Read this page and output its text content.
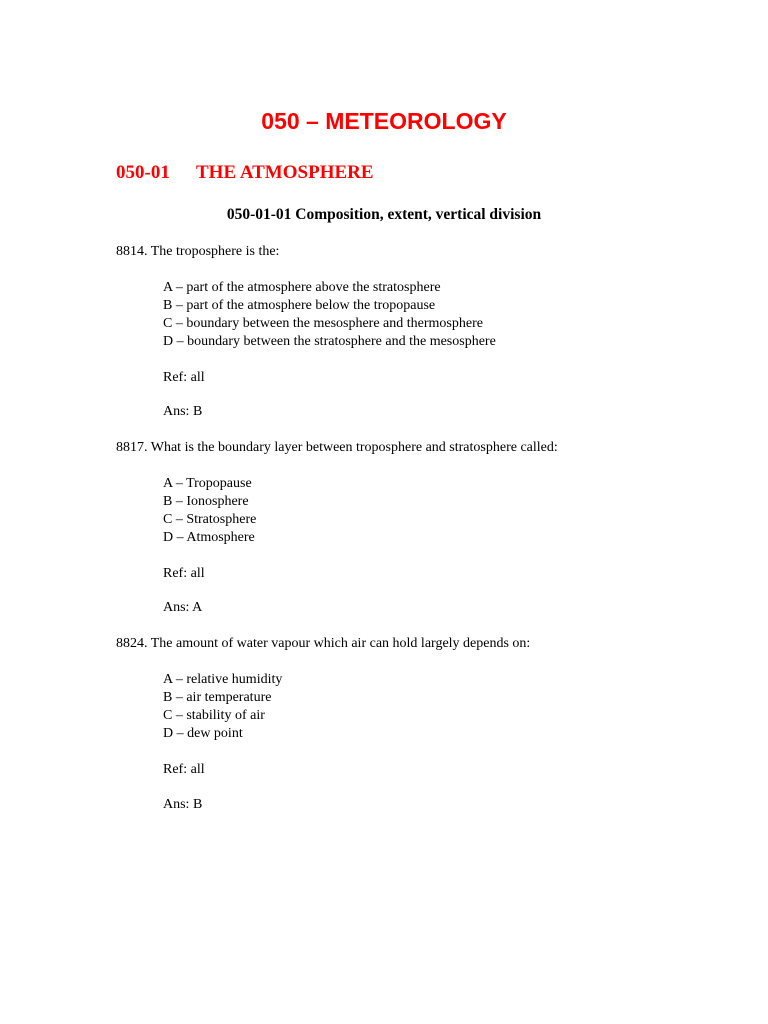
050 – METEOROLOGY
050-01 THE ATMOSPHERE
050-01-01 Composition, extent, vertical division

8814. The troposphere is the:

A – part of the atmosphere above the stratosphere

B – part of the atmosphere below the tropopause

C – boundary between the mesosphere and thermosphere

D – boundary between the stratosphere and the mesosphere

Ref: all

Ans: B

8817. What is the boundary layer between troposphere and stratosphere called:

A – Tropopause

B – Ionosphere

C – Stratosphere

D – Atmosphere

Ref: all

Ans: A

8824. The amount of water vapour which air can hold largely depends on:

A – relative humidity

B – air temperature

C – stability of air

D – dew point

Ref: all

Ans: B
